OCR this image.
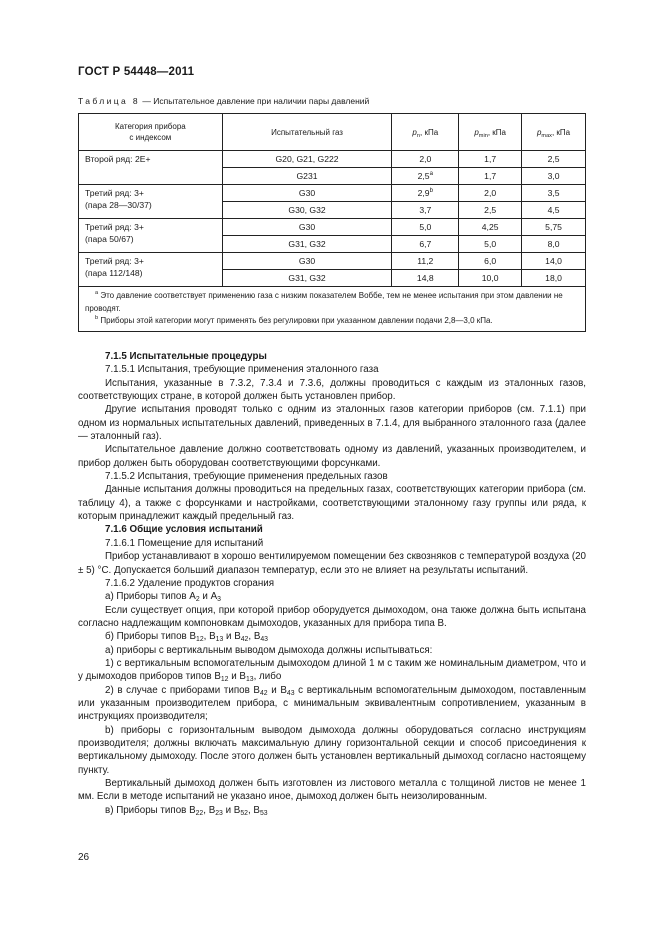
ГОСТ Р 54448—2011
Таблица 8 — Испытательное давление при наличии пары давлений
Категория прибора
с индексом	Испытательный газ	$p_n$, кПа	$p_{min}$, кПа	$p_{max}$, кПа
Второй ряд: 2Е+	G20, G21, G222	2,0	1,7	2,5
	G231	$2,5^а$	1,7	3,0
Третий ряд: 3+
(пара 28—30/37)	G30	2,9$^b$	2,0	3,5
	G30, G32	3,7	2,5	4,5
Третий ряд: 3+
(пара 50/67)	G30	5,0	4,25	5,75
	G31, G32	6,7	5,0	8,0
Третий ряд: 3+
(пара 112/148)	G30	11,2	6,0	14,0
	G31, G32	14,8	10,0	18,0

$^а$ Это давление соответствует применению газа с низким показателем Воббе, тем не менее испытания при этом давлении не проводят.
$^b$ Приборы этой категории могут применять без регулировки при указанном давлении подачи 2,8—3,0 кПа.				

7.1.5 Испытательные процедуры

7.1.5.1 Испытания, требующие применения эталонного газа

Испытания, указанные в 7.3.2, 7.3.4 и 7.3.6, должны проводиться с каждым из эталонных газов, соответствующих стране, в которой должен быть установлен прибор.

Другие испытания проводят только с одним из эталонных газов категории приборов (см. 7.1.1) при одном из нормальных испытательных давлений, приведенных в 7.1.4, для выбранного эталонного газа (далее — эталонный газ).

Испытательное давление должно соответствовать одному из давлений, указанных производителем, и прибор должен быть оборудован соответствующими форсунками.

7.1.5.2 Испытания, требующие применения предельных газов

Данные испытания должны проводиться на предельных газах, соответствующих категории прибора (см. таблицу 4), а также с форсунками и настройками, соответствующими эталонному газу группы или ряда, к которым принадлежит каждый предельный газ.

7.1.6 Общие условия испытаний

7.1.6.1 Помещение для испытаний

Прибор устанавливают в хорошо вентилируемом помещении без сквозняков с температурой воздуха (20 ± 5) °С. Допускается больший диапазон температур, если это не влияет на результаты испытаний.

7.1.6.2 Удаление продуктов сгорания

а) Приборы типов $A_2$ и $A_3$

Если существует опция, при которой прибор оборудуется дымоходом, она также должна быть испытана согласно надлежащим компоновкам дымоходов, указанных для прибора типа B.

б) Приборы типов $B_{12}$, $B_{13}$ и $B_{42}$, $B_{43}$

а) приборы с вертикальным выводом дымохода должны испытываться:

1) с вертикальным вспомогательным дымоходом длиной 1 м с таким же номинальным диаметром, что и у дымоходов приборов типов $B_{12}$ и $B_{13}$, либо

2) в случае с приборами типов $B_{42}$ и $B_{43}$ с вертикальным вспомогательным дымоходом, поставленным или указанным производителем прибора, с минимальным эквивалентным сопротивлением, указанным в инструкциях производителя;

b) приборы с горизонтальным выводом дымохода должны оборудоваться согласно инструкциям производителя; должны включать максимальную длину горизонтальной секции и способ присоединения к вертикальному дымоходу. После этого должен быть установлен вертикальный дымоход согласно настоящему пункту.

Вертикальный дымоход должен быть изготовлен из листового металла с толщиной листов не менее 1 мм. Если в методе испытаний не указано иное, дымоход должен быть неизолированным.

в) Приборы типов $B_{22}$, $B_{23}$ и $B_{52}$, $B_{53}$

26
